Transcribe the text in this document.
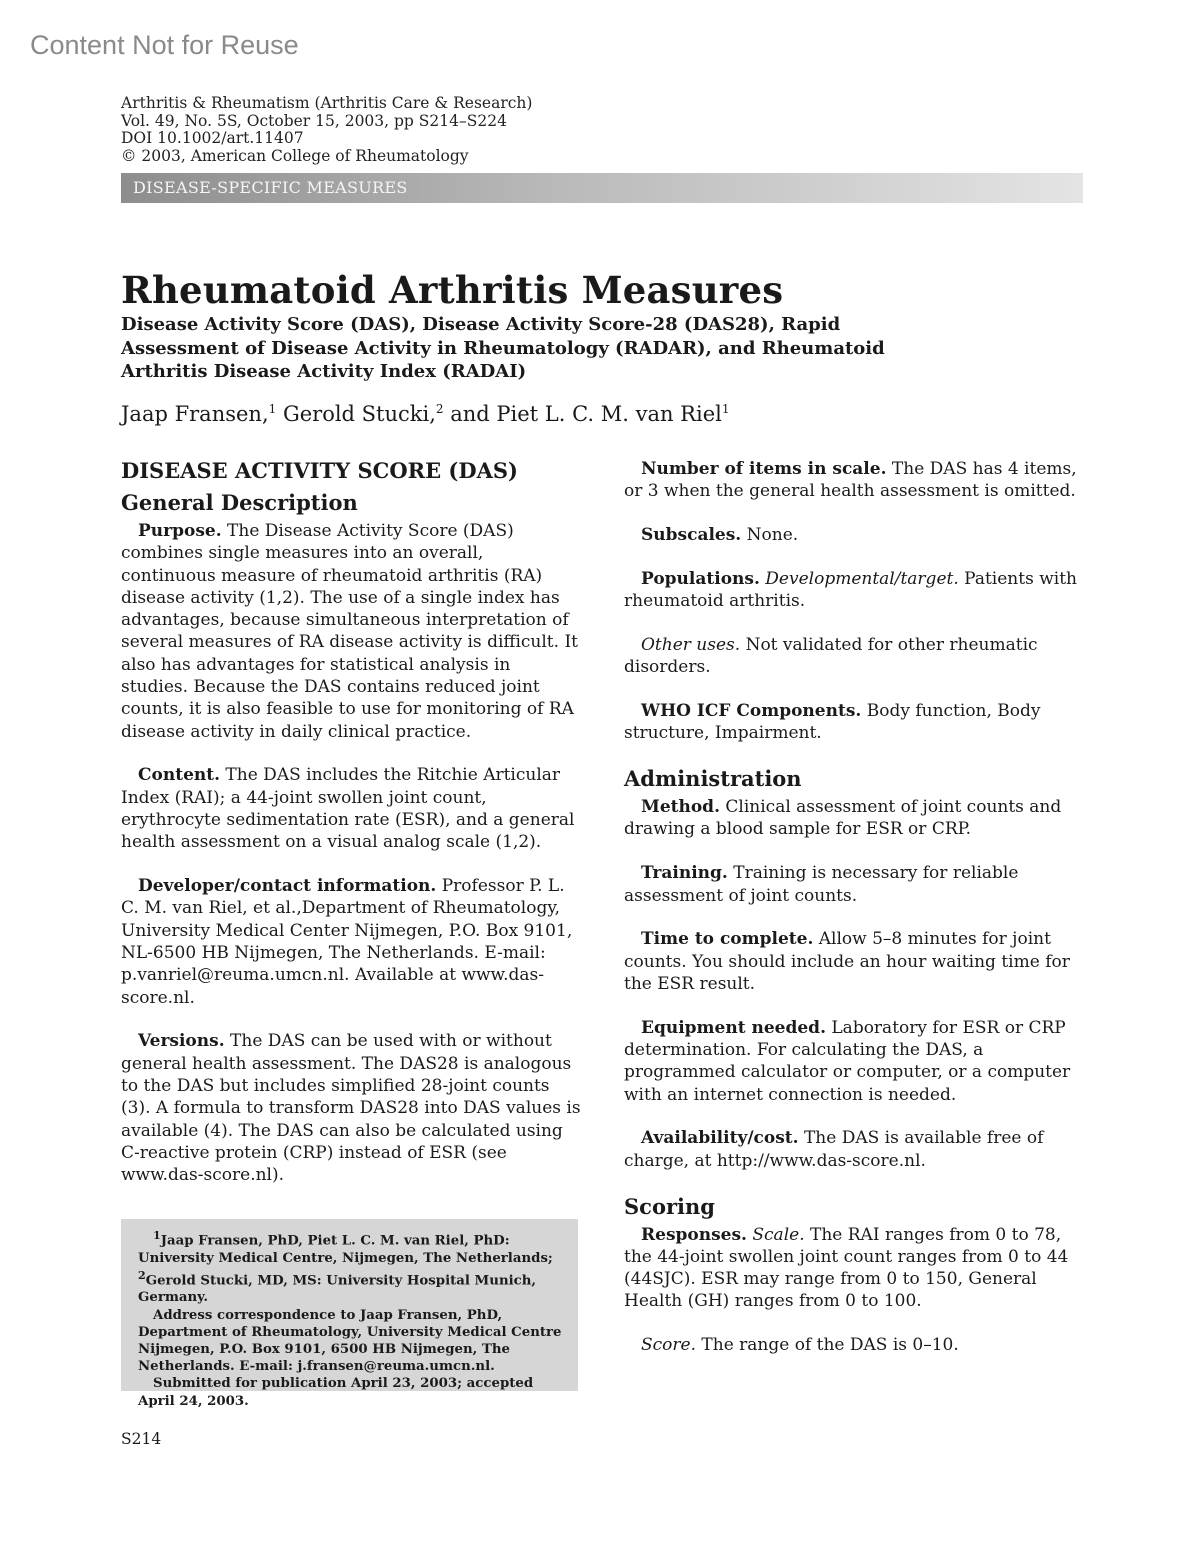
Content Not for Reuse
Arthritis & Rheumatism (Arthritis Care & Research)
Vol. 49, No. 5S, October 15, 2003, pp S214–S224
DOI 10.1002/art.11407
© 2003, American College of Rheumatology
DISEASE-SPECIFIC MEASURES
Rheumatoid Arthritis Measures
Disease Activity Score (DAS), Disease Activity Score-28 (DAS28), Rapid Assessment of Disease Activity in Rheumatology (RADAR), and Rheumatoid Arthritis Disease Activity Index (RADAI)
Jaap Fransen,$^1$ Gerold Stucki,$^2$ and Piet L. C. M. van Riel$^1$
DISEASE ACTIVITY SCORE (DAS)
General Description

Purpose. The Disease Activity Score (DAS) combines single measures into an overall, continuous measure of rheumatoid arthritis (RA) disease activity (1,2). The use of a single index has advantages, because simultaneous interpretation of several measures of RA disease activity is difficult. It also has advantages for statistical analysis in studies. Because the DAS contains reduced joint counts, it is also feasible to use for monitoring of RA disease activity in daily clinical practice.

Content. The DAS includes the Ritchie Articular Index (RAI); a 44-joint swollen joint count, erythrocyte sedimentation rate (ESR), and a general health assessment on a visual analog scale (1,2).

Developer/contact information. Professor P. L. C. M. van Riel, et al.,Department of Rheumatology, University Medical Center Nijmegen, P.O. Box 9101, NL-6500 HB Nijmegen, The Netherlands. E-mail: p.vanriel@reuma.umcn.nl. Available at www.das-score.nl.

Versions. The DAS can be used with or without general health assessment. The DAS28 is analogous to the DAS but includes simplified 28-joint counts (3). A formula to transform DAS28 into DAS values is available (4). The DAS can also be calculated using C-reactive protein (CRP) instead of ESR (see www.das-score.nl).

$^1$Jaap Fransen, PhD, Piet L. C. M. van Riel, PhD: University Medical Centre, Nijmegen, The Netherlands; $^2$Gerold Stucki, MD, MS: University Hospital Munich, Germany.

Address correspondence to Jaap Fransen, PhD, Department of Rheumatology, University Medical Centre Nijmegen, P.O. Box 9101, 6500 HB Nijmegen, The Netherlands. E-mail: j.fransen@reuma.umcn.nl.

Submitted for publication April 23, 2003; accepted April 24, 2003.

Number of items in scale. The DAS has 4 items, or 3 when the general health assessment is omitted.

Subscales. None.

Populations. Developmental/target. Patients with rheumatoid arthritis.

Other uses. Not validated for other rheumatic disorders.

WHO ICF Components. Body function, Body structure, Impairment.

Administration

Method. Clinical assessment of joint counts and drawing a blood sample for ESR or CRP.

Training. Training is necessary for reliable assessment of joint counts.

Time to complete. Allow 5–8 minutes for joint counts. You should include an hour waiting time for the ESR result.

Equipment needed. Laboratory for ESR or CRP determination. For calculating the DAS, a programmed calculator or computer, or a computer with an internet connection is needed.

Availability/cost. The DAS is available free of charge, at http://www.das-score.nl.

Scoring

Responses. Scale. The RAI ranges from 0 to 78, the 44-joint swollen joint count ranges from 0 to 44 (44SJC). ESR may range from 0 to 150, General Health (GH) ranges from 0 to 100.

Score. The range of the DAS is 0–10.

S214
